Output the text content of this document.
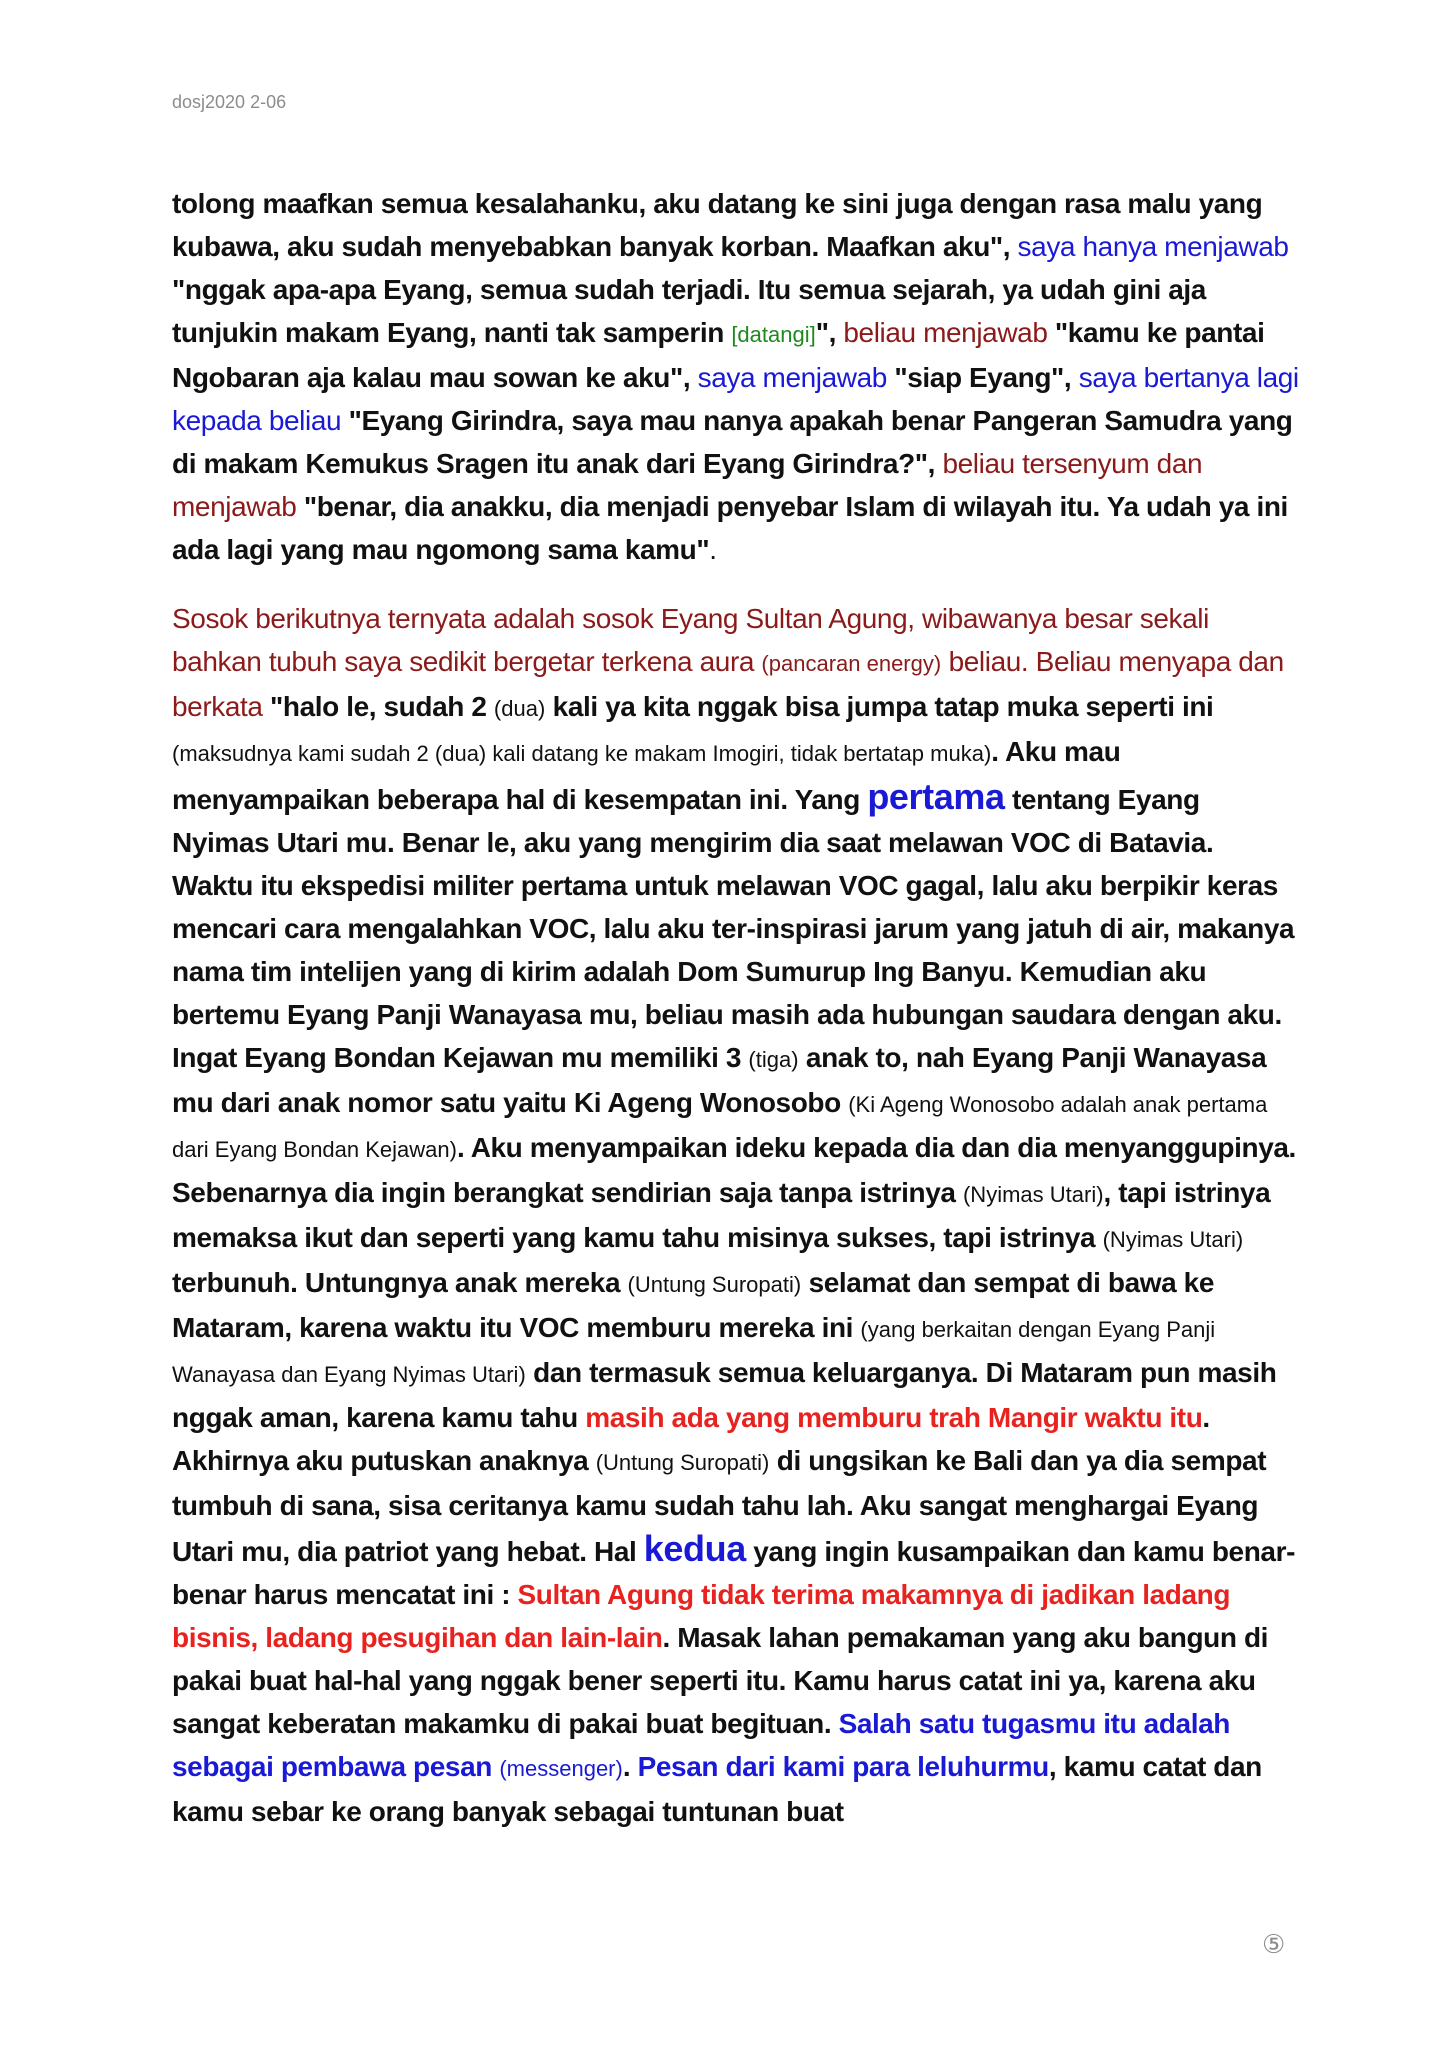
dosj2020 2-06

tolong maafkan semua kesalahanku, aku datang ke sini juga dengan rasa malu yang kubawa, aku sudah menyebabkan banyak korban. Maafkan aku", saya hanya menjawab "nggak apa-apa Eyang, semua sudah terjadi. Itu semua sejarah, ya udah gini aja tunjukin makam Eyang, nanti tak samperin [datangi]", beliau menjawab "kamu ke pantai Ngobaran aja kalau mau sowan ke aku", saya menjawab "siap Eyang", saya bertanya lagi kepada beliau "Eyang Girindra, saya mau nanya apakah benar Pangeran Samudra yang di makam Kemukus Sragen itu anak dari Eyang Girindra?", beliau tersenyum dan menjawab "benar, dia anakku, dia menjadi penyebar Islam di wilayah itu. Ya udah ya ini ada lagi yang mau ngomong sama kamu".

Sosok berikutnya ternyata adalah sosok Eyang Sultan Agung, wibawanya besar sekali bahkan tubuh saya sedikit bergetar terkena aura (pancaran energy) beliau. Beliau menyapa dan berkata "halo le, sudah 2 (dua) kali ya kita nggak bisa jumpa tatap muka seperti ini (maksudnya kami sudah 2 (dua) kali datang ke makam Imogiri, tidak bertatap muka). Aku mau menyampaikan beberapa hal di kesempatan ini. Yang pertama tentang Eyang Nyimas Utari mu. Benar le, aku yang mengirim dia saat melawan VOC di Batavia. Waktu itu ekspedisi militer pertama untuk melawan VOC gagal, lalu aku berpikir keras mencari cara mengalahkan VOC, lalu aku ter-inspirasi jarum yang jatuh di air, makanya nama tim intelijen yang di kirim adalah Dom Sumurup Ing Banyu. Kemudian aku bertemu Eyang Panji Wanayasa mu, beliau masih ada hubungan saudara dengan aku. Ingat Eyang Bondan Kejawan mu memiliki 3 (tiga) anak to, nah Eyang Panji Wanayasa mu dari anak nomor satu yaitu Ki Ageng Wonosobo (Ki Ageng Wonosobo adalah anak pertama dari Eyang Bondan Kejawan). Aku menyampaikan ideku kepada dia dan dia menyanggupinya. Sebenarnya dia ingin berangkat sendirian saja tanpa istrinya (Nyimas Utari), tapi istrinya memaksa ikut dan seperti yang kamu tahu misinya sukses, tapi istrinya (Nyimas Utari) terbunuh. Untungnya anak mereka (Untung Suropati) selamat dan sempat di bawa ke Mataram, karena waktu itu VOC memburu mereka ini (yang berkaitan dengan Eyang Panji Wanayasa dan Eyang Nyimas Utari) dan termasuk semua keluarganya. Di Mataram pun masih nggak aman, karena kamu tahu masih ada yang memburu trah Mangir waktu itu. Akhirnya aku putuskan anaknya (Untung Suropati) di ungsikan ke Bali dan ya dia sempat tumbuh di sana, sisa ceritanya kamu sudah tahu lah. Aku sangat menghargai Eyang Utari mu, dia patriot yang hebat. Hal kedua yang ingin kusampaikan dan kamu benar-benar harus mencatat ini : Sultan Agung tidak terima makamnya di jadikan ladang bisnis, ladang pesugihan dan lain-lain. Masak lahan pemakaman yang aku bangun di pakai buat hal-hal yang nggak bener seperti itu. Kamu harus catat ini ya, karena aku sangat keberatan makamku di pakai buat begituan. Salah satu tugasmu itu adalah sebagai pembawa pesan (messenger). Pesan dari kami para leluhurmu, kamu catat dan kamu sebar ke orang banyak sebagai tuntunan buat

⑤
